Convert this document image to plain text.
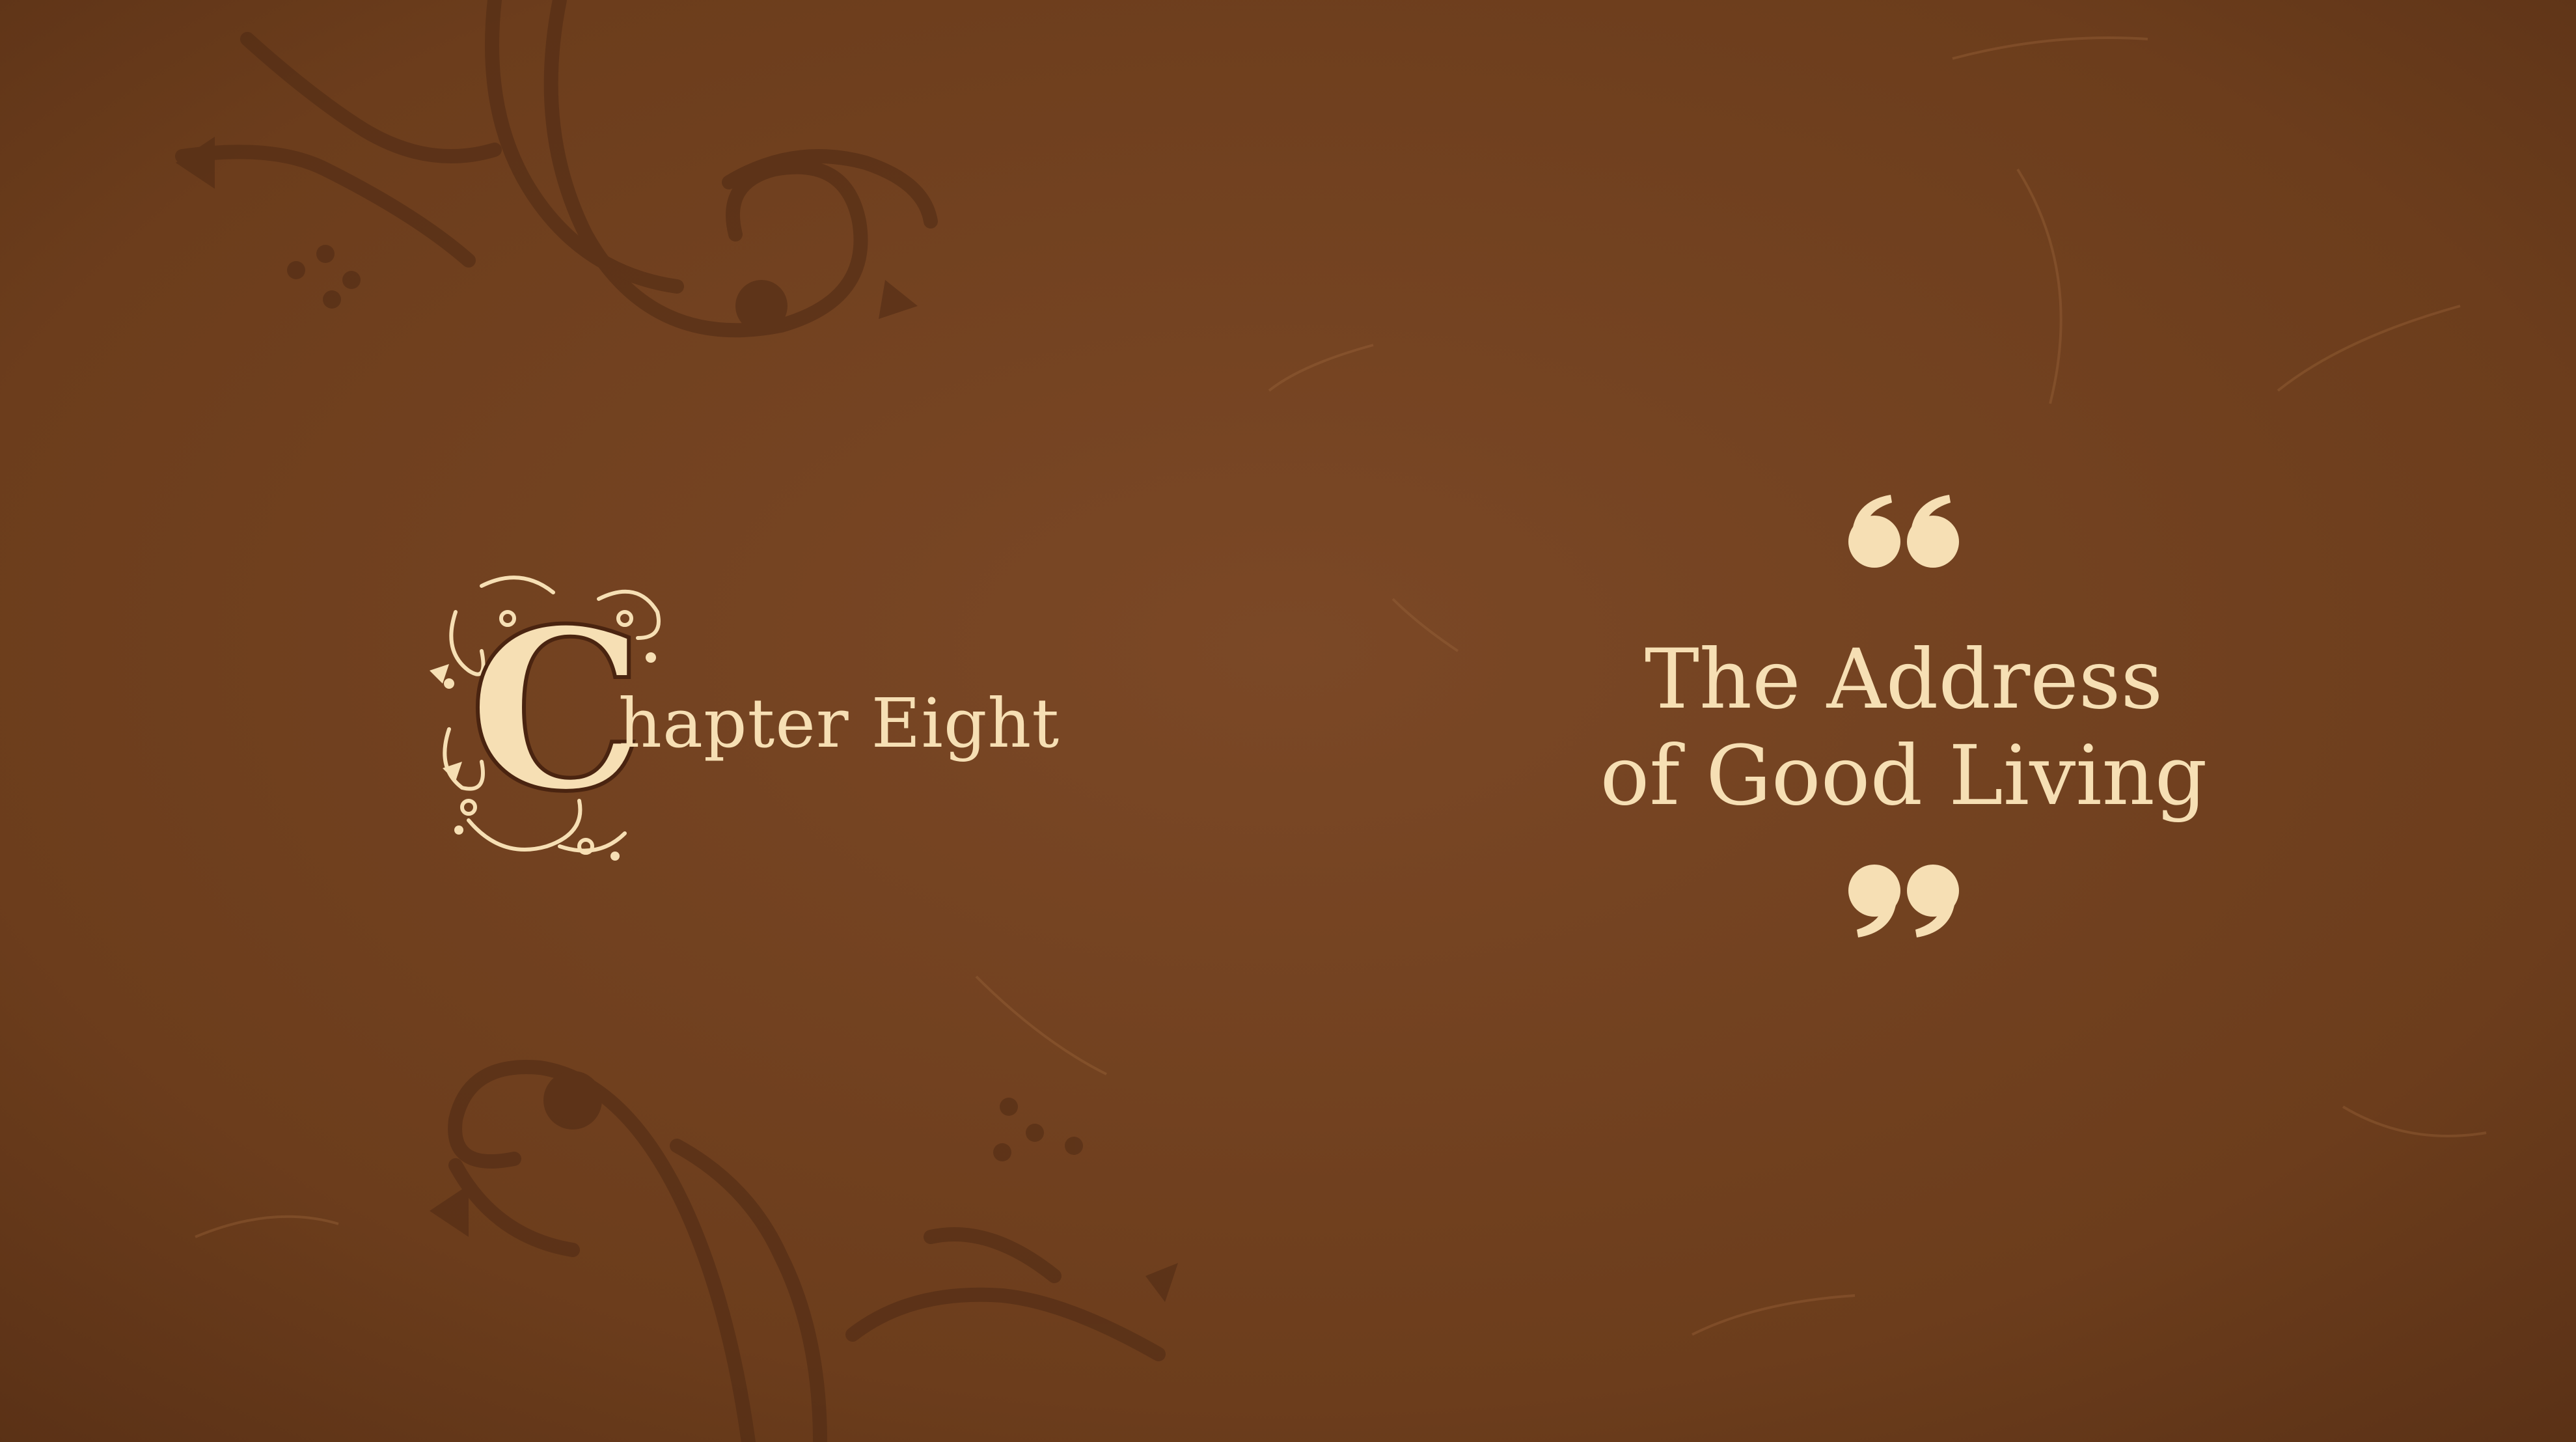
C
hapter Eight	The Address
of Good Living
